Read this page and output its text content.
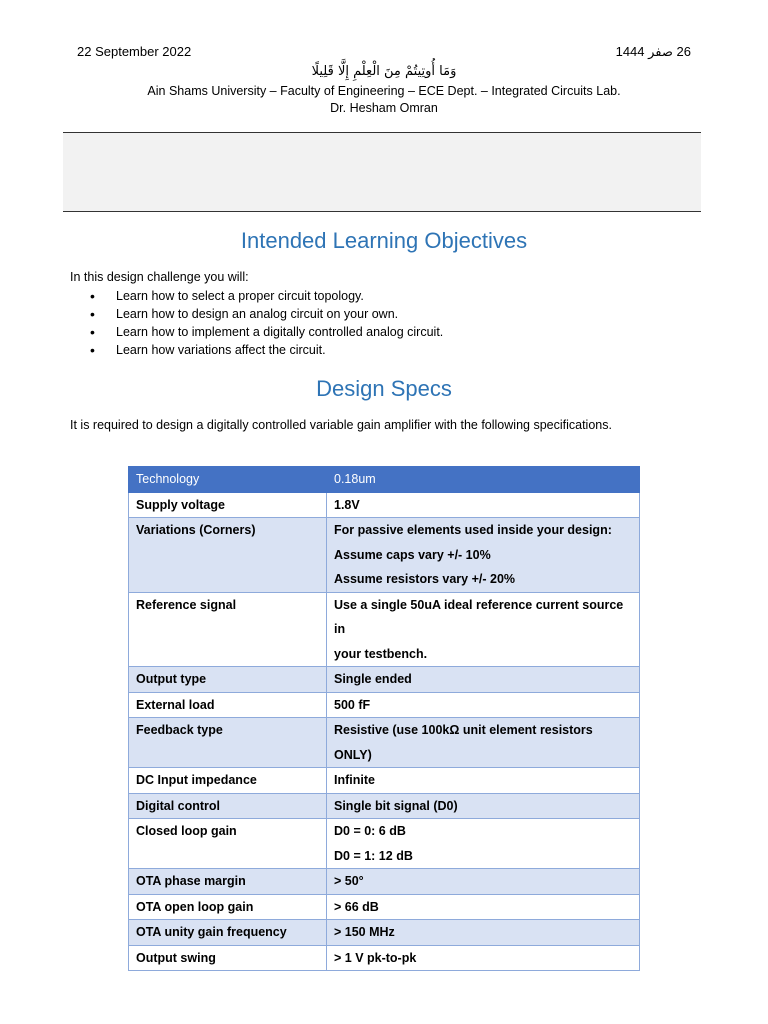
22 September 2022	26 صفر 1444
وَمَا أُوتِيتُمْ مِنَ الْعِلْمِ إِلَّا قَلِيلًا
Ain Shams University – Faculty of Engineering – ECE Dept. – Integrated Circuits Lab.
Dr. Hesham Omran
Intended Learning Objectives
In this design challenge you will:
• Learn how to select a proper circuit topology.
• Learn how to design an analog circuit on your own.
• Learn how to implement a digitally controlled analog circuit.
• Learn how variations affect the circuit.
Design Specs
It is required to design a digitally controlled variable gain amplifier with the following specifications.
Technology	0.18um

Supply voltage	1.8V

Variations (Corners)	For passive elements used inside your design:
Assume caps vary +/- 10%
Assume resistors vary +/- 20%

Reference signal	Use a single 50uA ideal reference current source in
your testbench.

Output type	Single ended

External load	500 fF

Feedback type	Resistive (use 100kΩ unit element resistors ONLY)

DC Input impedance	Infinite

Digital control	Single bit signal (D0)

Closed loop gain	D0 = 0: 6 dB
D0 = 1: 12 dB

OTA phase margin	> 50°

OTA open loop gain	> 66 dB

OTA unity gain frequency	> 150 MHz

Output swing	> 1 V pk-to-pk
